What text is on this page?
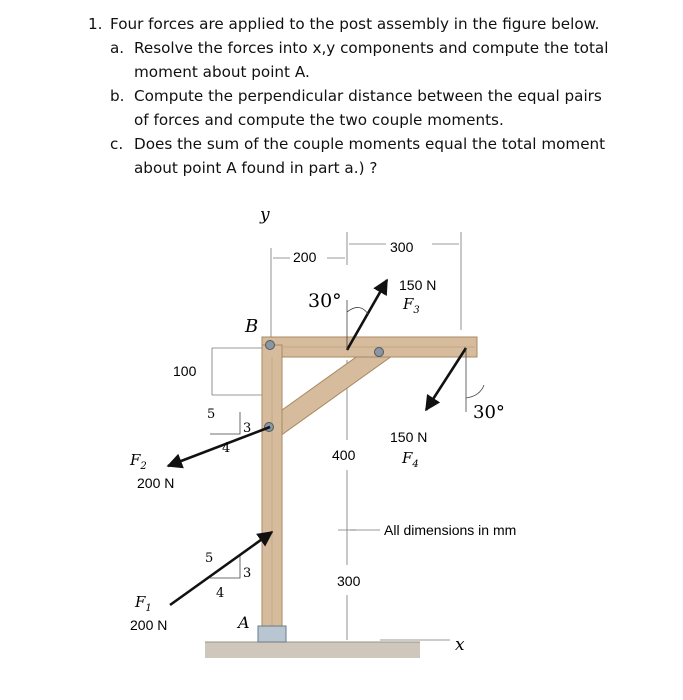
1. Four forces are applied to the post assembly in the figure below.
a. Resolve the forces into x,y components and compute the total
moment about point A.
b. Compute the perpendicular distance between the equal pairs
of forces and compute the two couple moments.
c. Does the sum of the couple moments equal the total moment
about point A found in part a.) ?
y
x
A
B
200
300
100
400
300
150 N
$F_3$
30°
150 N
$F_4$
30°
$F_2$
200 N
5
3
4
$F_1$
200 N
5
3
4
All dimensions in mm
